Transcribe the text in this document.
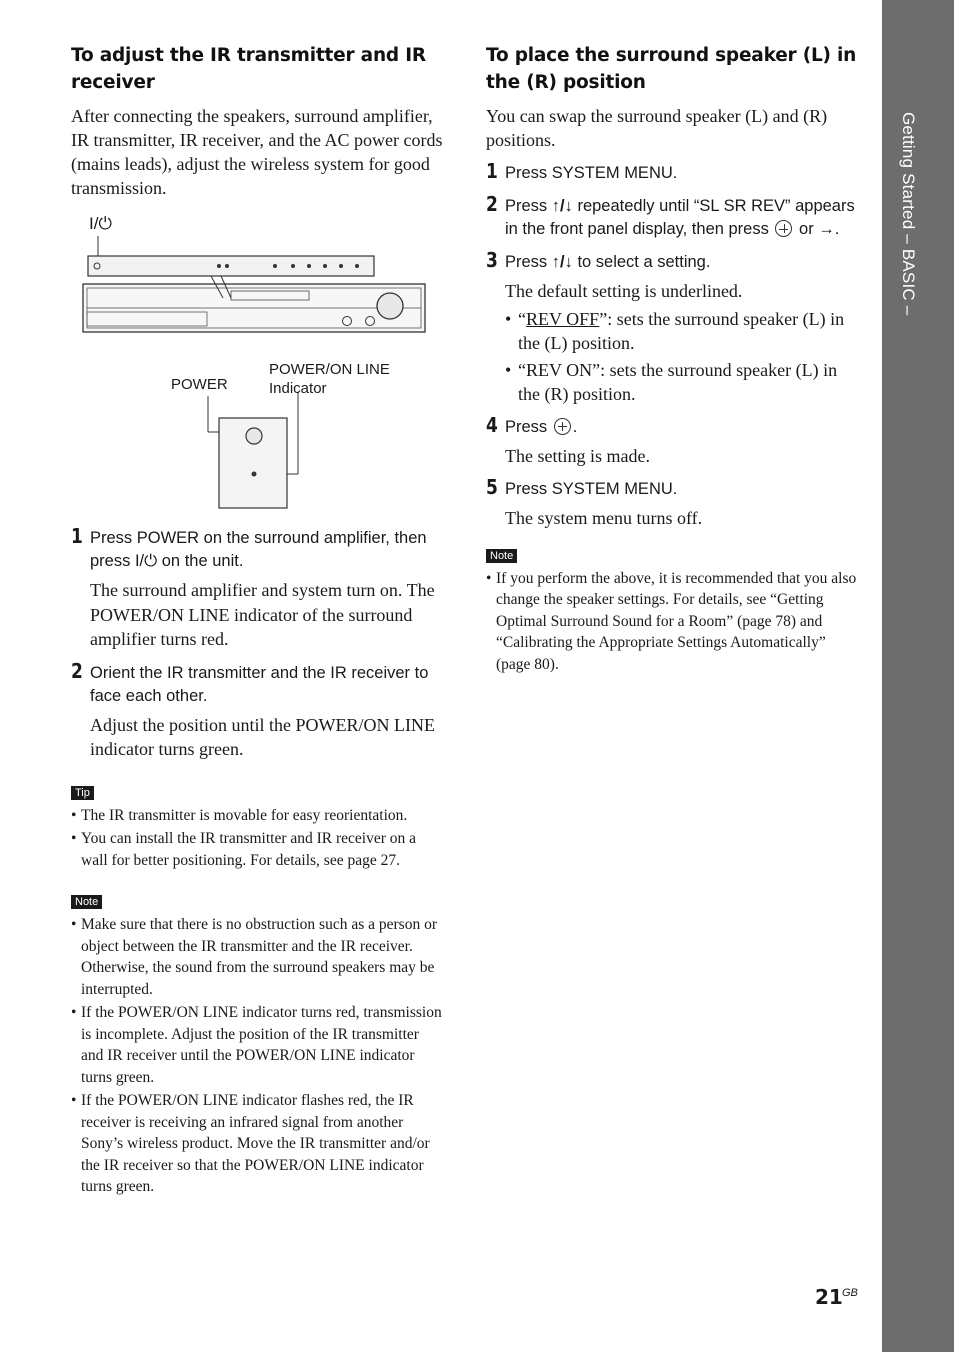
Getting Started – BASIC –
To adjust the IR transmitter and IR receiver

After connecting the speakers, surround amplifier, IR transmitter, IR receiver, and the AC power cords (mains leads), adjust the wireless system for good transmission.

I/⏻
POWER
POWER/ON LINE
Indicator
1 Press POWER on the surround amplifier, then press I/⏻ on the unit.
The surround amplifier and system turn on. The POWER/ON LINE indicator of the surround amplifier turns red.
2 Orient the IR transmitter and the IR receiver to face each other.
Adjust the position until the POWER/ON LINE indicator turns green.
Tip
• The IR transmitter is movable for easy reorientation.
• You can install the IR transmitter and IR receiver on a wall for better positioning. For details, see page 27.
Note
• Make sure that there is no obstruction such as a person or object between the IR transmitter and the IR receiver. Otherwise, the sound from the surround speakers may be interrupted.
• If the POWER/ON LINE indicator turns red, transmission is incomplete. Adjust the position of the IR transmitter and IR receiver until the POWER/ON LINE indicator turns green.
• If the POWER/ON LINE indicator flashes red, the IR receiver is receiving an infrared signal from another Sony’s wireless product. Move the IR transmitter and/or the IR receiver so that the POWER/ON LINE indicator turns green.
To place the surround speaker (L) in the (R) position

You can swap the surround speaker (L) and (R) positions.

1 Press SYSTEM MENU.
2 Press ↑/↓ repeatedly until “SL SR REV” appears in the front panel display, then press  or →.
3 Press ↑/↓ to select a setting.
The default setting is underlined.
• “REV OFF”: sets the surround speaker (L) in the (L) position.
• “REV ON”: sets the surround speaker (L) in the (R) position.
4 Press .
The setting is made.
5 Press SYSTEM MENU.
The system menu turns off.
Note
• If you perform the above, it is recommended that you also change the speaker settings. For details, see “Getting Optimal Surround Sound for a Room” (page 78) and “Calibrating the Appropriate Settings Automatically” (page 80).
21 GB
